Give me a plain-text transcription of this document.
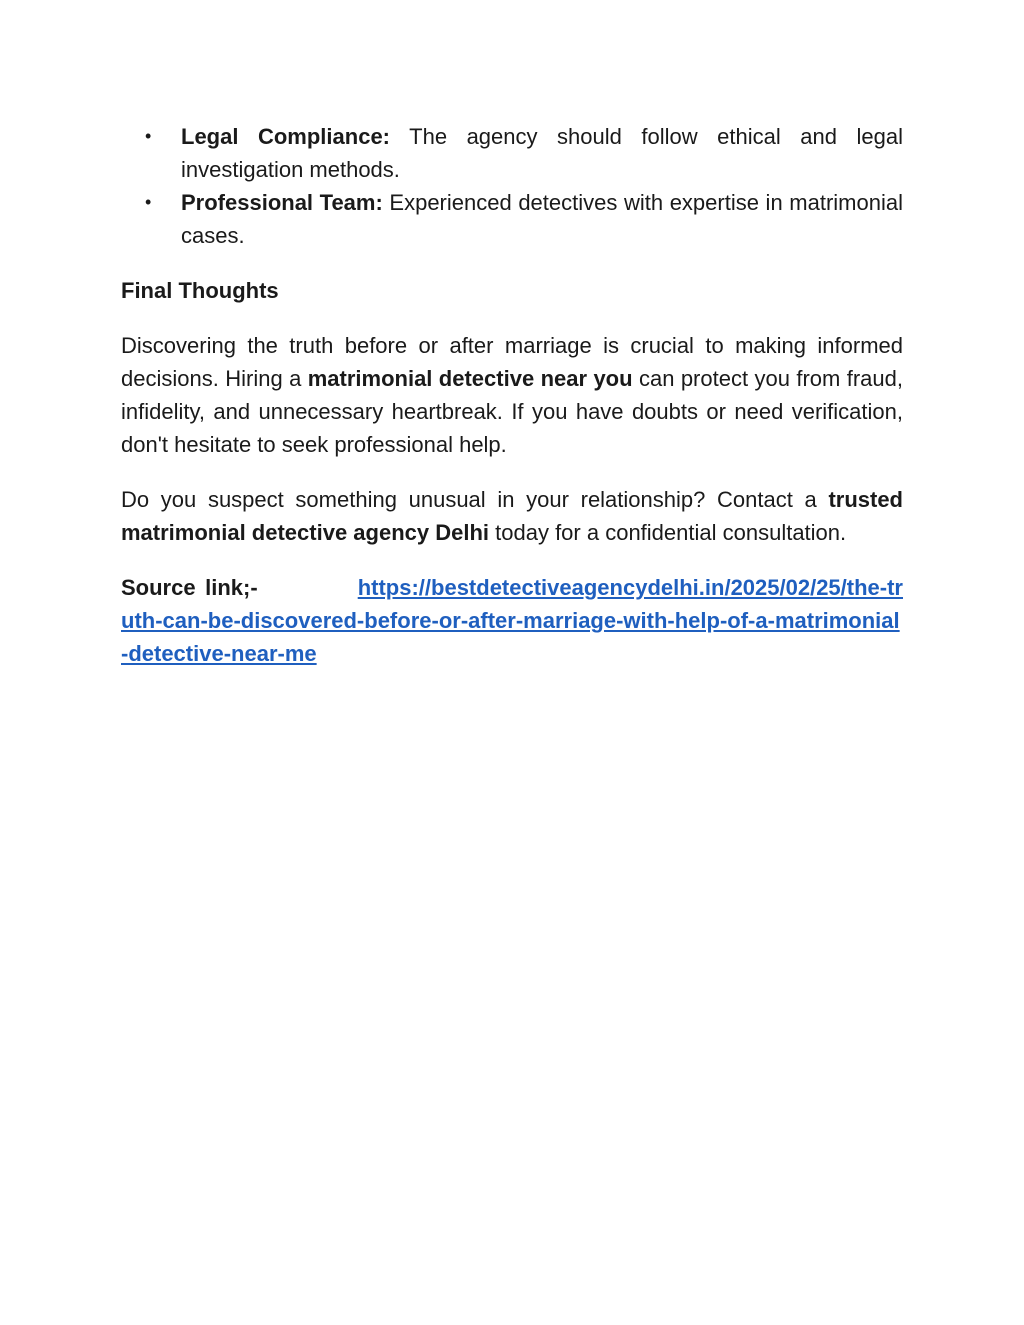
• Legal Compliance: The agency should follow ethical and legal investigation methods.
• Professional Team: Experienced detectives with expertise in matrimonial cases.
Final Thoughts

Discovering the truth before or after marriage is crucial to making informed decisions. Hiring a matrimonial detective near you can protect you from fraud, infidelity, and unnecessary heartbreak. If you have doubts or need verification, don't hesitate to seek professional help.

Do you suspect something unusual in your relationship? Contact a trusted matrimonial detective agency Delhi today for a confidential consultation.

Source link;-	https://bestdetectiveagencydelhi.in/2025/02/25/the-truth-can-be-discovered-before-or-after-marriage-with-help-of-a-matrimonial-detective-near-me
